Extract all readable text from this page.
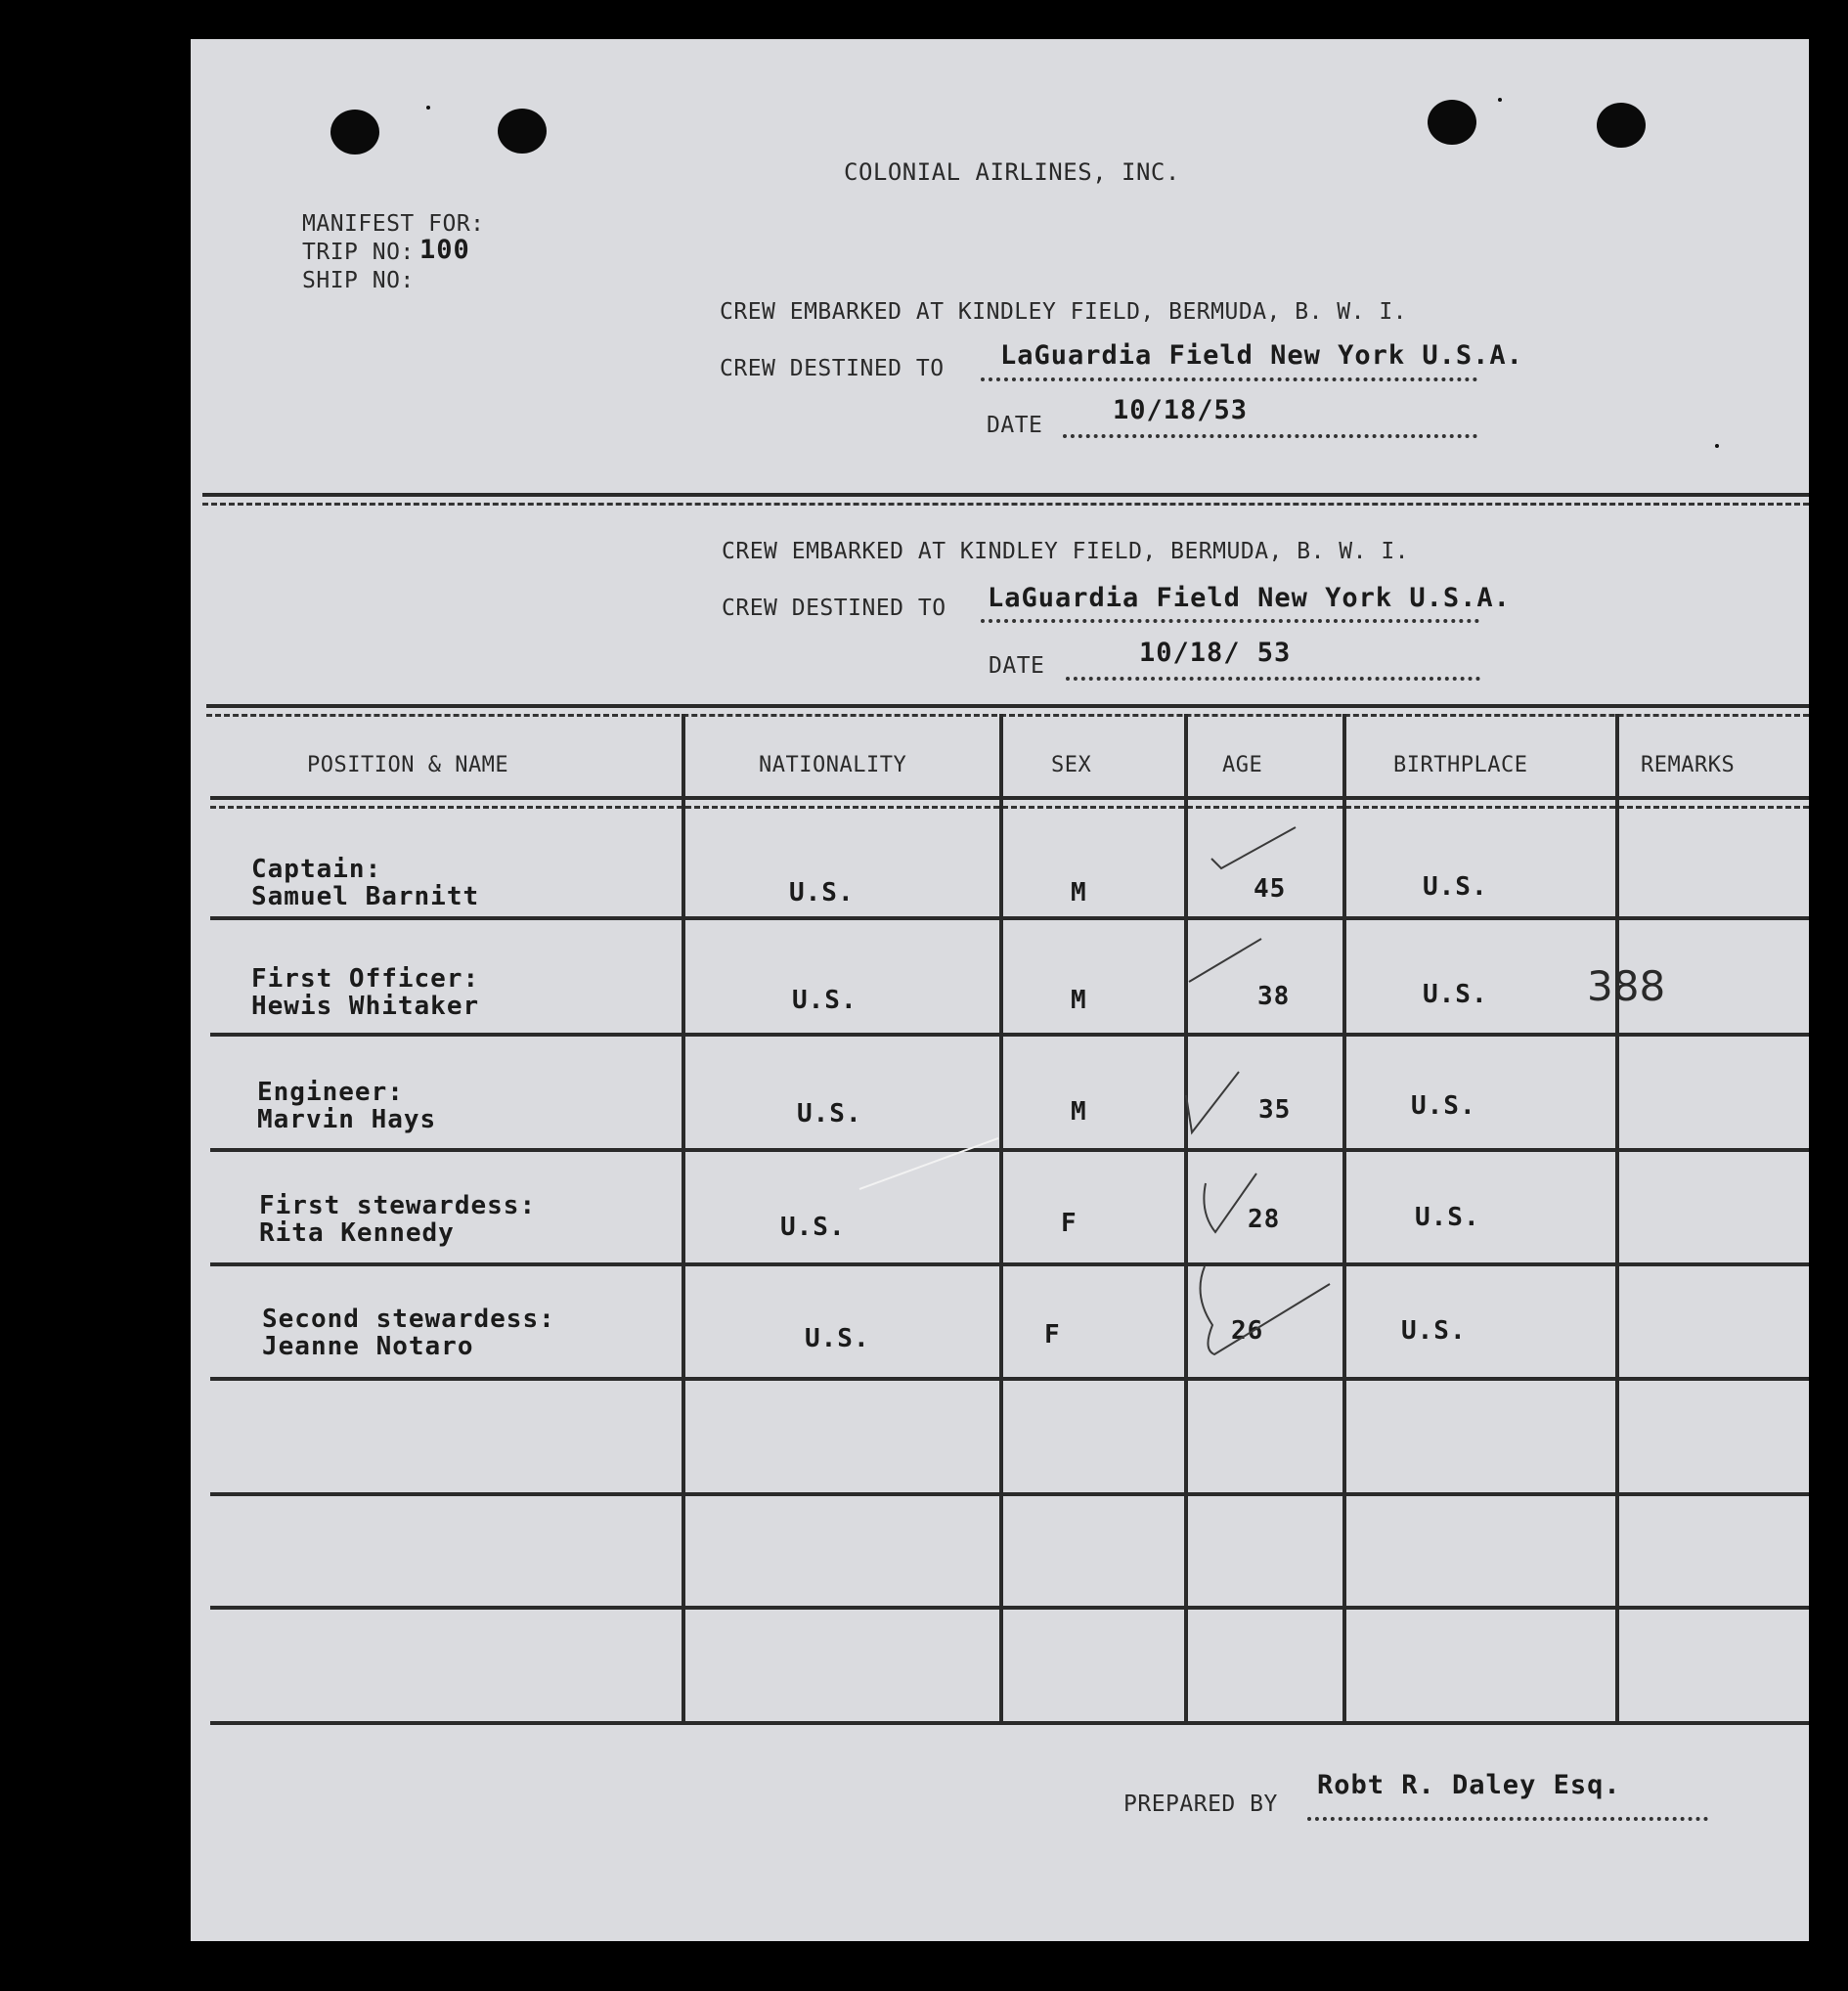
COLONIAL AIRLINES, INC.
MANIFEST FOR:
TRIP NO: 100
SHIP NO:
CREW EMBARKED AT KINDLEY FIELD, BERMUDA, B. W. I.
CREW DESTINED TO LaGuardia Field New York U.S.A.
DATE	10/18/53
CREW EMBARKED AT KINDLEY FIELD, BERMUDA, B. W. I.
CREW DESTINED TO LaGuardia Field New York U.S.A.
DATE	10/18/ 53
POSITION & NAME	NATIONALITY	SEX	AGE	BIRTHPLACE	REMARKS
Captain:
Samuel Barnitt	U.S.	M	45	U.S.
First Officer:
Hewis Whitaker	U.S.	M	38	U.S. 388
Engineer:
Marvin Hays	U.S.	M	35	U.S.
First stewardess:
Rita Kennedy	U.S.	F	28	U.S.
Second stewardess:
Jeanne Notaro	U.S.	F	26	U.S.
PREPARED BY
Robt R. Daley Esq.
